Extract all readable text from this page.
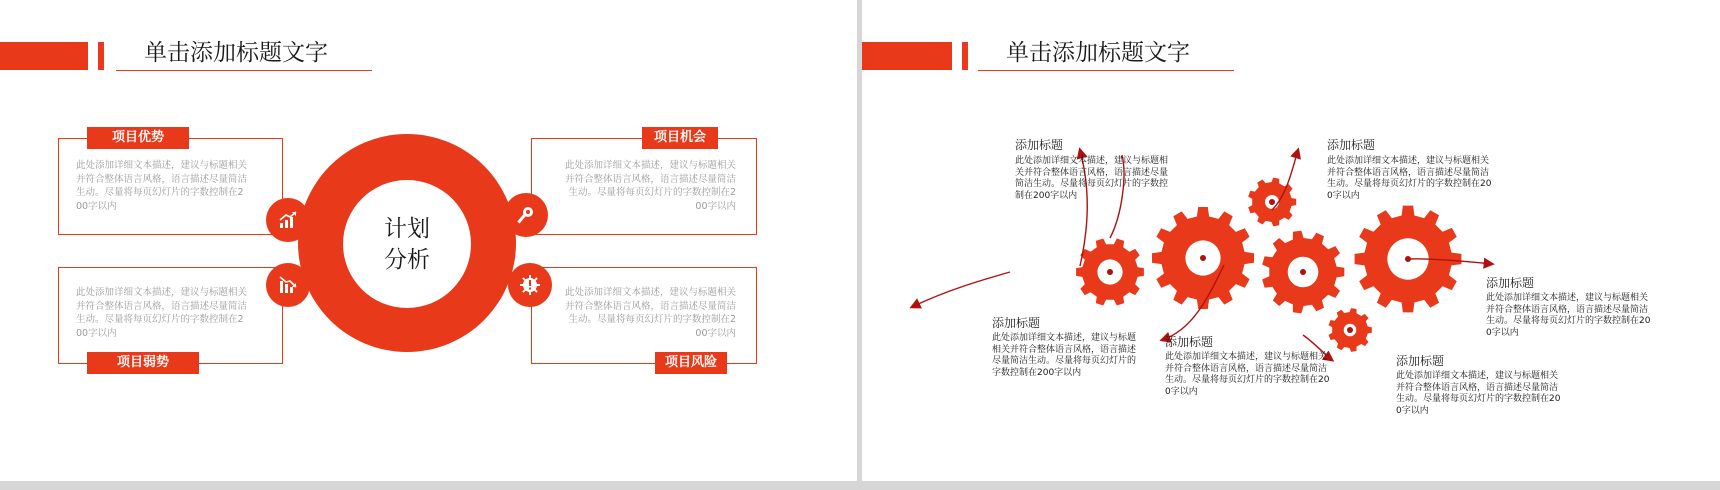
单击添加标题文字
项目优势	项目机会
项目弱势	项目风险
此处添加详细文本描述，建议与标题相关并符合整体语言风格，语言描述尽量简洁生动。尽量将每页幻灯片的字数控制在200字以内
此处添加详细文本描述，建议与标题相关并符合整体语言风格，语言描述尽量简洁生动。尽量将每页幻灯片的字数控制在200字以内
此处添加详细文本描述，建议与标题相关并符合整体语言风格，语言描述尽量简洁生动。尽量将每页幻灯片的字数控制在200字以内
此处添加详细文本描述，建议与标题相关并符合整体语言风格，语言描述尽量简洁生动。尽量将每页幻灯片的字数控制在200字以内
计划
分析
单击添加标题文字
添加标题
此处添加详细文本描述，建议与标题相关并符合整体语言风格，语言描述尽量简洁生动。尽量将每页幻灯片的字数控制在200字以内
添加标题
此处添加详细文本描述，建议与标题相关并符合整体语言风格，语言描述尽量简洁生动。尽量将每页幻灯片的字数控制在200字以内
添加标题
此处添加详细文本描述，建议与标题相关并符合整体语言风格，语言描述尽量简洁生动。尽量将每页幻灯片的字数控制在200字以内
添加标题
此处添加详细文本描述，建议与标题相关并符合整体语言风格，语言描述尽量简洁生动。尽量将每页幻灯片的字数控制在200字以内
添加标题
此处添加详细文本描述，建议与标题相关并符合整体语言风格，语言描述尽量简洁生动。尽量将每页幻灯片的字数控制在200字以内
添加标题
此处添加详细文本描述，建议与标题相关并符合整体语言风格，语言描述尽量简洁生动。尽量将每页幻灯片的字数控制在200字以内
